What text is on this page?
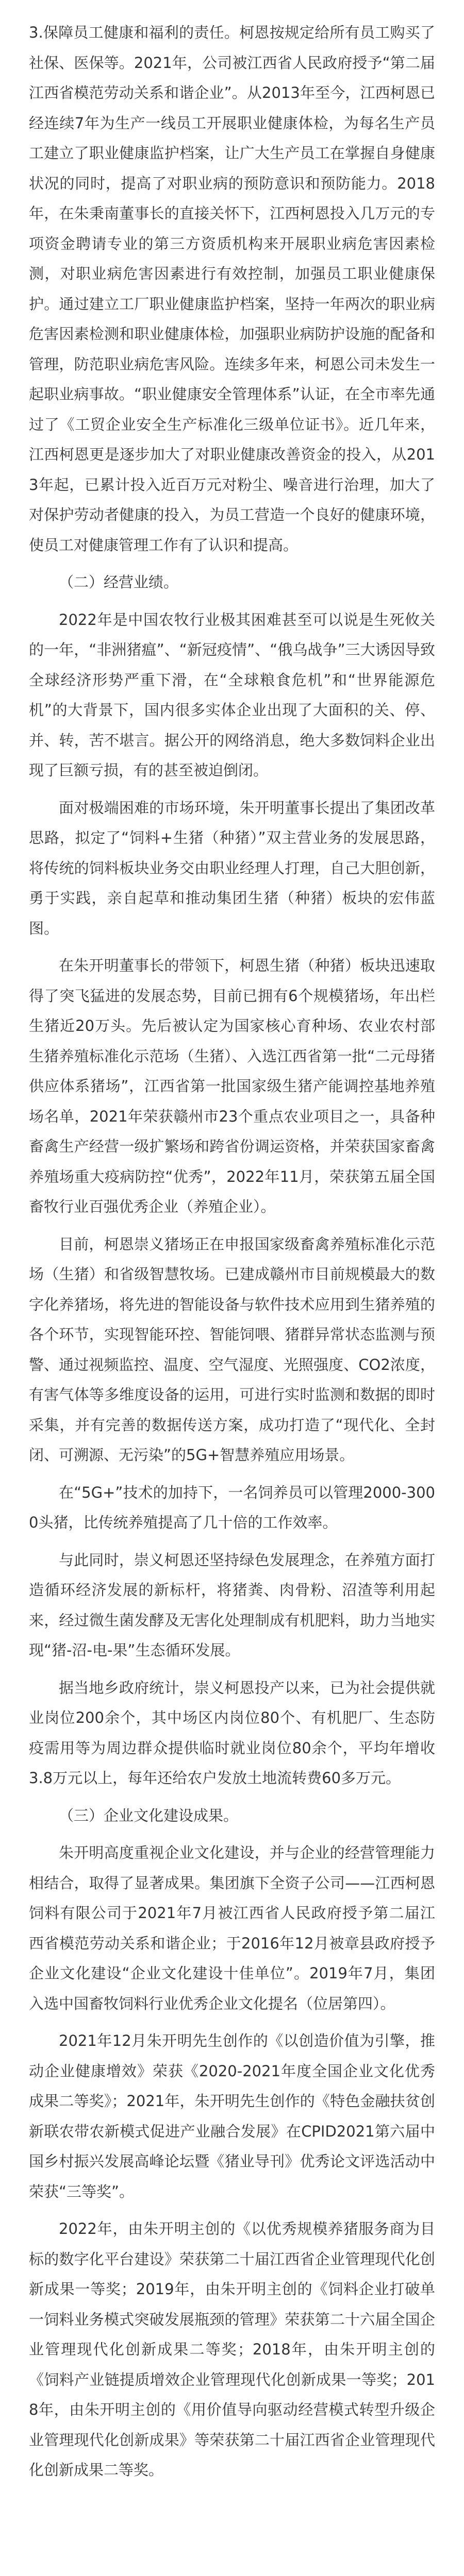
3.保障员工健康和福利的责任。柯恩按规定给所有员工购买了社保、医保等。2021年，公司被江西省人民政府授予“第二届江西省模范劳动关系和谐企业”。从2013年至今，江西柯恩已经连续7年为生产一线员工开展职业健康体检，为每名生产员工建立了职业健康监护档案，让广大生产员工在掌握自身健康状况的同时，提高了对职业病的预防意识和预防能力。2018年，在朱秉南董事长的直接关怀下，江西柯恩投入几万元的专项资金聘请专业的第三方资质机构来开展职业病危害因素检测，对职业病危害因素进行有效控制，加强员工职业健康保护。通过建立工厂职业健康监护档案，坚持一年两次的职业病危害因素检测和职业健康体检，加强职业病防护设施的配备和管理，防范职业病危害风险。连续多年来，柯恩公司未发生一起职业病事故。“职业健康安全管理体系”认证，在全市率先通过了《工贸企业安全生产标准化三级单位证书》。近几年来，江西柯恩更是逐步加大了对职业健康改善资金的投入，从2013年起，已累计投入近百万元对粉尘、噪音进行治理，加大了对保护劳动者健康的投入，为员工营造一个良好的健康环境，使员工对健康管理工作有了认识和提高。

（二）经营业绩。

2022年是中国农牧行业极其困难甚至可以说是生死攸关的一年，“非洲猪瘟”、“新冠疫情”、“俄乌战争”三大诱因导致全球经济形势严重下滑，在“全球粮食危机”和“世界能源危机”的大背景下，国内很多实体企业出现了大面积的关、停、并、转，苦不堪言。据公开的网络消息，绝大多数饲料企业出现了巨额亏损，有的甚至被迫倒闭。

面对极端困难的市场环境，朱开明董事长提出了集团改革思路，拟定了“饲料+生猪（种猪）”双主营业务的发展思路，将传统的饲料板块业务交由职业经理人打理，自己大胆创新，勇于实践，亲自起草和推动集团生猪（种猪）板块的宏伟蓝图。

在朱开明董事长的带领下，柯恩生猪（种猪）板块迅速取得了突飞猛进的发展态势，目前已拥有6个规模猪场，年出栏生猪近20万头。先后被认定为国家核心育种场、农业农村部生猪养殖标准化示范场（生猪）、入选江西省第一批“二元母猪供应体系猪场”，江西省第一批国家级生猪产能调控基地养殖场名单，2021年荣获赣州市23个重点农业项目之一，具备种畜禽生产经营一级扩繁场和跨省份调运资格，并荣获国家畜禽养殖场重大疫病防控“优秀”，2022年11月，荣获第五届全国畜牧行业百强优秀企业（养殖企业）。

目前，柯恩崇义猪场正在申报国家级畜禽养殖标准化示范场（生猪）和省级智慧牧场。已建成赣州市目前规模最大的数字化养猪场，将先进的智能设备与软件技术应用到生猪养殖的各个环节，实现智能环控、智能饲喂、猪群异常状态监测与预警、通过视频监控、温度、空气湿度、光照强度、CO2浓度，有害气体等多维度设备的运用，可进行实时监测和数据的即时采集，并有完善的数据传送方案，成功打造了“现代化、全封闭、可溯源、无污染”的5G+智慧养殖应用场景。

在“5G+”技术的加持下，一名饲养员可以管理2000-3000头猪，比传统养殖提高了几十倍的工作效率。

与此同时，崇义柯恩还坚持绿色发展理念，在养殖方面打造循环经济发展的新标杆，将猪粪、肉骨粉、沼渣等利用起来，经过微生菌发酵及无害化处理制成有机肥料，助力当地实现“猪-沼-电-果”生态循环发展。

据当地乡政府统计，崇义柯恩投产以来，已为社会提供就业岗位200余个，其中场区内岗位80个、有机肥厂、生态防疫需用等为周边群众提供临时就业岗位80余个，平均年增收3.8万元以上，每年还给农户发放土地流转费60多万元。

（三）企业文化建设成果。

朱开明高度重视企业文化建设，并与企业的经营管理能力相结合，取得了显著成果。集团旗下全资子公司——江西柯恩饲料有限公司于2021年7月被江西省人民政府授予第二届江西省模范劳动关系和谐企业；于2016年12月被章县政府授予企业文化建设“企业文化建设十佳单位”。2019年7月，集团入选中国畜牧饲料行业优秀企业文化提名（位居第四）。

2021年12月朱开明先生创作的《以创造价值为引擎，推动企业健康增效》荣获《2020-2021年度全国企业文化优秀成果二等奖》；2021年，朱开明先生创作的《特色金融扶贫创新联农带农新模式促进产业融合发展》在CPID2021第六届中国乡村振兴发展高峰论坛暨《猪业导刊》优秀论文评选活动中荣获“三等奖”。

2022年，由朱开明主创的《以优秀规模养猪服务商为目标的数字化平台建设》荣获第二十届江西省企业管理现代化创新成果一等奖；2019年，由朱开明主创的《饲料企业打破单一饲料业务模式突破发展瓶颈的管理》荣获第二十六届全国企业管理现代化创新成果二等奖；2018年，由朱开明主创的《饲料产业链提质增效企业管理现代化创新成果一等奖；2018年，由朱开明主创的《用价值导向驱动经营模式转型升级企业管理现代化创新成果》等荣获第二十届江西省企业管理现代化创新成果二等奖。
